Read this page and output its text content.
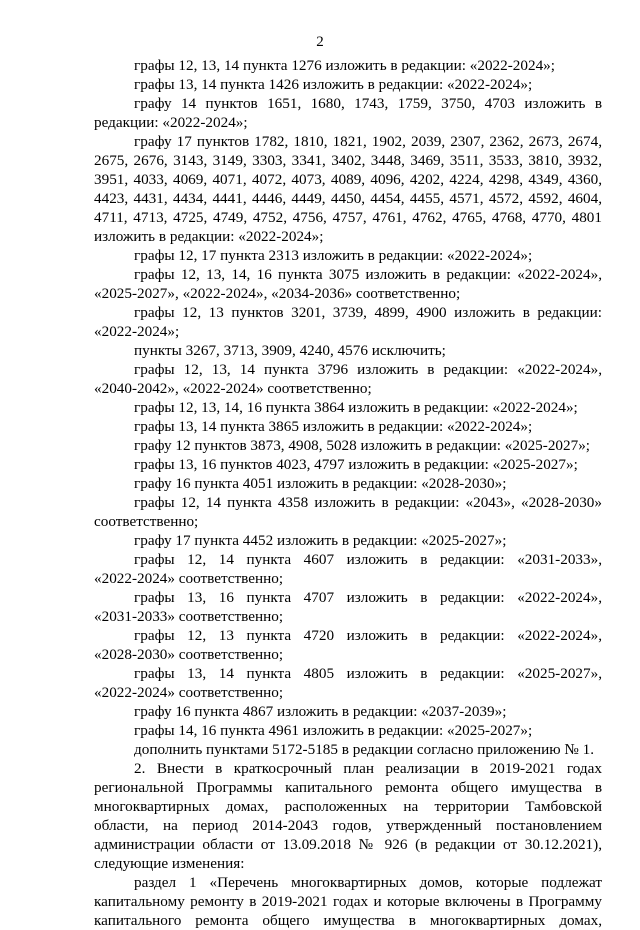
2
графы 12, 13, 14 пункта 1276 изложить в редакции: «2022-2024»;
графы 13, 14 пункта 1426 изложить в редакции: «2022-2024»;
графу 14 пунктов 1651, 1680, 1743, 1759, 3750, 4703 изложить в
редакции: «2022-2024»;
графу 17 пунктов 1782, 1810, 1821, 1902, 2039, 2307, 2362, 2673, 2674,
2675, 2676, 3143, 3149, 3303, 3341, 3402, 3448, 3469, 3511, 3533, 3810, 3932,
3951, 4033, 4069, 4071, 4072, 4073, 4089, 4096, 4202, 4224, 4298, 4349, 4360,
4423, 4431, 4434, 4441, 4446, 4449, 4450, 4454, 4455, 4571, 4572, 4592, 4604,
4711, 4713, 4725, 4749, 4752, 4756, 4757, 4761, 4762, 4765, 4768, 4770, 4801
изложить в редакции: «2022-2024»;
графы 12, 17 пункта 2313 изложить в редакции: «2022-2024»;
графы 12, 13, 14, 16 пункта 3075 изложить в редакции: «2022-2024»,
«2025-2027», «2022-2024», «2034-2036» соответственно;
графы 12, 13 пунктов 3201, 3739, 4899, 4900 изложить в редакции:
«2022-2024»;
пункты 3267, 3713, 3909, 4240, 4576 исключить;
графы 12, 13, 14 пункта 3796 изложить в редакции: «2022-2024»,
«2040-2042», «2022-2024» соответственно;
графы 12, 13, 14, 16 пункта 3864 изложить в редакции: «2022-2024»;
графы 13, 14 пункта 3865 изложить в редакции: «2022-2024»;
графу 12 пунктов 3873, 4908, 5028 изложить в редакции: «2025-2027»;
графы 13, 16 пунктов 4023, 4797 изложить в редакции: «2025-2027»;
графу 16 пункта 4051 изложить в редакции: «2028-2030»;
графы 12, 14 пункта 4358 изложить в редакции: «2043», «2028-2030»
соответственно;
графу 17 пункта 4452 изложить в редакции: «2025-2027»;
графы 12, 14 пункта 4607 изложить в редакции: «2031-2033»,
«2022-2024» соответственно;
графы 13, 16 пункта 4707 изложить в редакции: «2022-2024»,
«2031-2033» соответственно;
графы 12, 13 пункта 4720 изложить в редакции: «2022-2024»,
«2028-2030» соответственно;
графы 13, 14 пункта 4805 изложить в редакции: «2025-2027»,
«2022-2024» соответственно;
графу 16 пункта 4867 изложить в редакции: «2037-2039»;
графы 14, 16 пункта 4961 изложить в редакции: «2025-2027»;
дополнить пунктами 5172-5185 в редакции согласно приложению № 1.
2. Внести в краткосрочный план реализации в 2019-2021 годах
региональной Программы капитального ремонта общего имущества в
многоквартирных домах, расположенных на территории Тамбовской
области, на период 2014-2043 годов, утвержденный постановлением
администрации области от 13.09.2018 № 926 (в редакции от 30.12.2021),
следующие изменения:
раздел 1 «Перечень многоквартирных домов, которые подлежат
капитальному ремонту в 2019-2021 годах и которые включены в Программу
капитального ремонта общего имущества в многоквартирных домах,
